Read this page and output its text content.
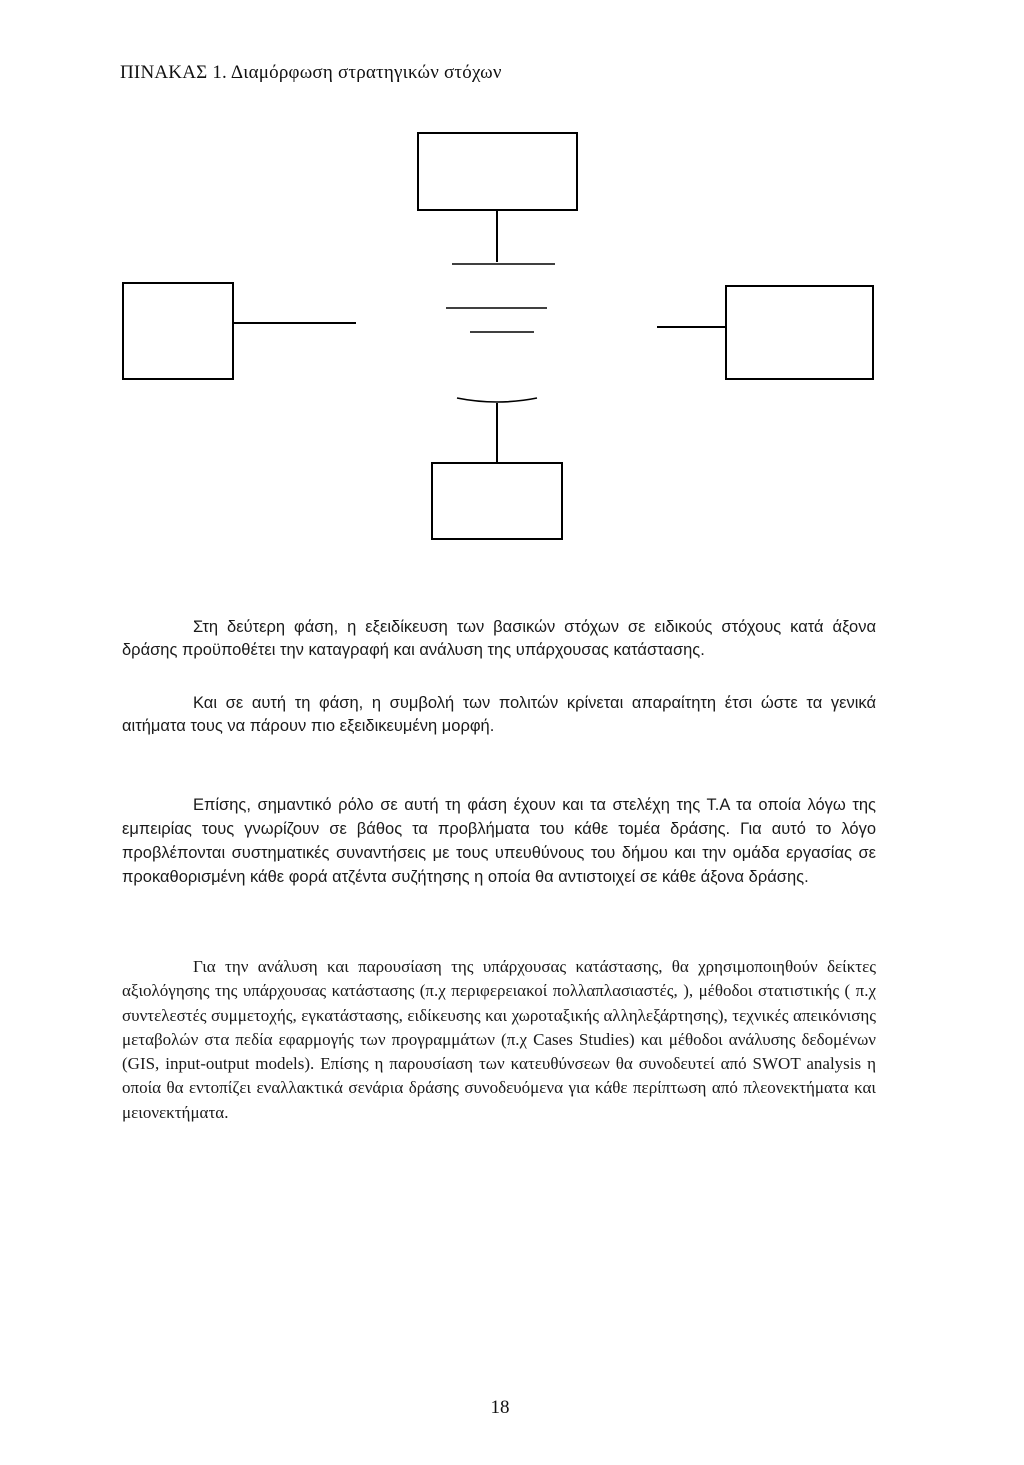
ΠΙΝΑΚΑΣ 1. Διαμόρφωση στρατηγικών στόχων

Στη δεύτερη φάση, η εξειδίκευση των βασικών στόχων σε ειδικούς στόχους κατά άξονα δράσης προϋποθέτει την καταγραφή και ανάλυση της υπάρχουσας κατάστασης.

Και σε αυτή τη φάση, η συμβολή των πολιτών κρίνεται απαραίτητη έτσι ώστε τα γενικά αιτήματα τους να πάρουν πιο εξειδικευμένη μορφή.

Επίσης, σημαντικό ρόλο σε αυτή τη φάση έχουν και τα στελέχη της Τ.Α τα οποία λόγω της εμπειρίας τους γνωρίζουν σε βάθος τα προβλήματα του κάθε τομέα δράσης. Για αυτό το λόγο προβλέπονται συστηματικές συναντήσεις με τους υπευθύνους του δήμου και την ομάδα εργασίας σε προκαθορισμένη κάθε φορά ατζέντα συζήτησης η οποία θα αντιστοιχεί σε κάθε άξονα δράσης.

Για την ανάλυση και παρουσίαση της υπάρχουσας κατάστασης, θα χρησιμοποιηθούν δείκτες αξιολόγησης της υπάρχουσας κατάστασης (π.χ περιφερειακοί πολλαπλασιαστές, ), μέθοδοι στατιστικής ( π.χ συντελεστές συμμετοχής, εγκατάστασης, ειδίκευσης και χωροταξικής αλληλεξάρτησης), τεχνικές απεικόνισης μεταβολών στα πεδία εφαρμογής των προγραμμάτων (π.χ Cases Studies) και μέθοδοι ανάλυσης δεδομένων (GIS, input-output models). Επίσης η παρουσίαση των κατευθύνσεων θα συνοδευτεί από SWOT analysis η οποία θα εντοπίζει εναλλακτικά σενάρια δράσης συνοδευόμενα για κάθε περίπτωση από πλεονεκτήματα και μειονεκτήματα.

18
